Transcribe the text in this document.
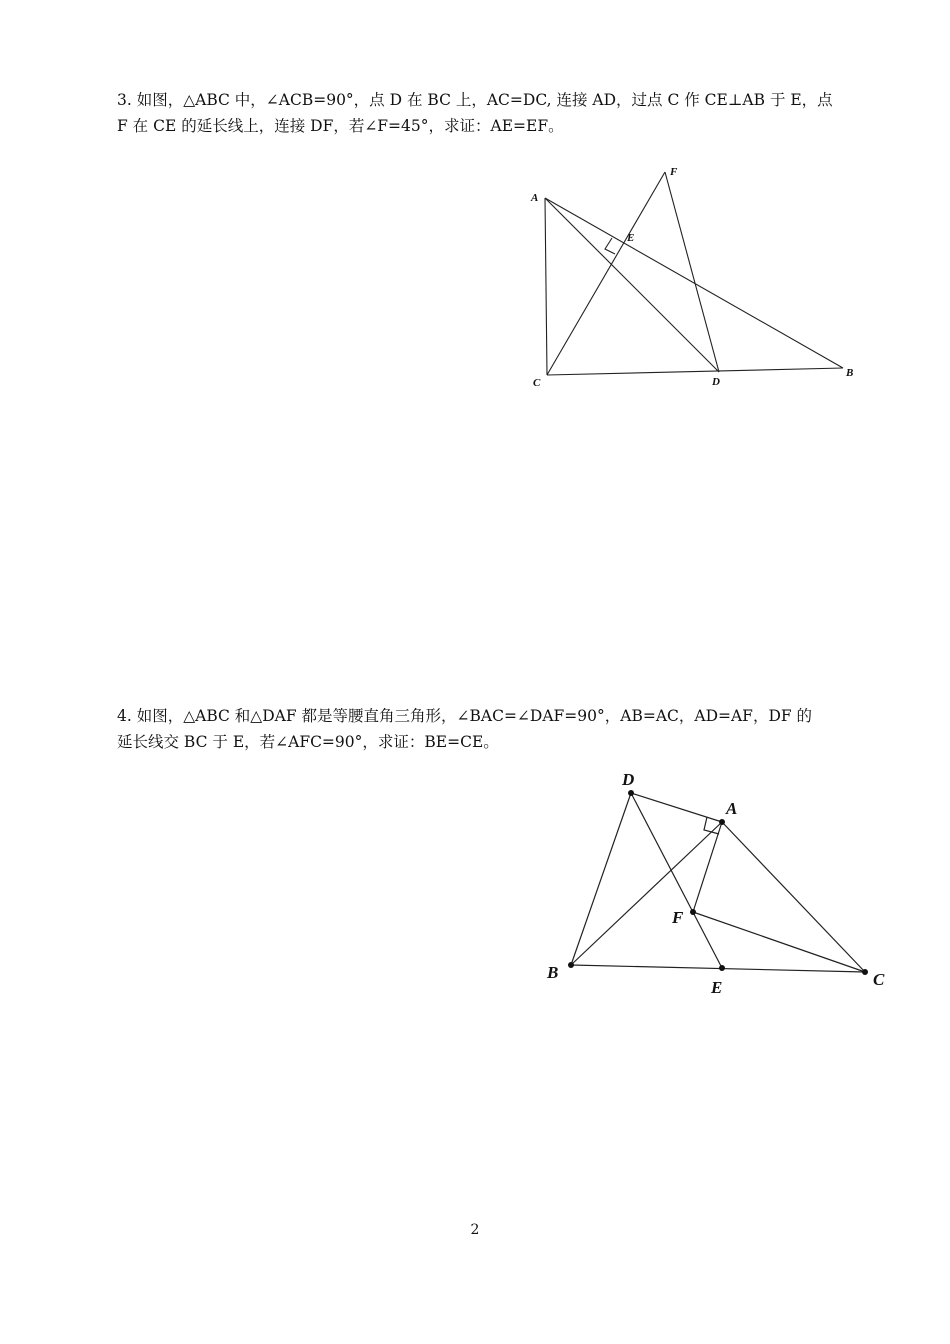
3. 如图，△ABC 中，∠ACB=90°，点 D 在 BC 上，AC=DC, 连接 AD，过点 C 作 CE⊥AB 于 E，点

F 在 CE 的延长线上，连接 DF，若∠F=45°，求证：AE=EF。

A
B
C	D
E
F

4. 如图，△ABC 和△DAF 都是等腰直角三角形，∠BAC=∠DAF=90°，AB=AC，AD=AF，DF 的

延长线交 BC 于 E，若∠AFC=90°，求证：BE=CE。

A
B	C
D
E
F
2
